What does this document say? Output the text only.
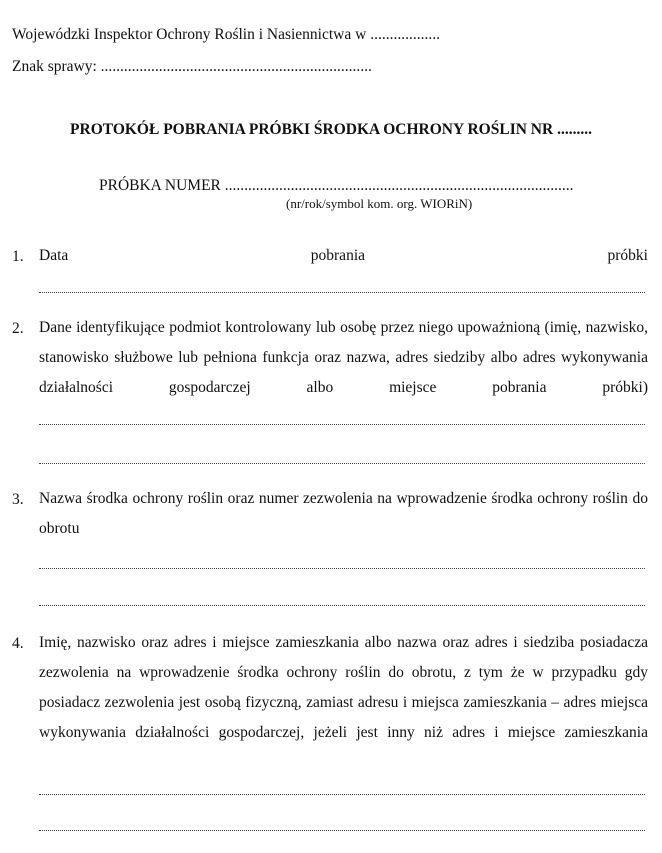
Wojewódzki Inspektor Ochrony Roślin i Nasiennictwa w ..................
Znak sprawy: ......................................................................
PROTOKÓŁ POBRANIA PRÓBKI ŚRODKA OCHRONY ROŚLIN NR .........
PRÓBKA NUMER ..........................................................................................
(nr/rok/symbol kom. org. WIORiN)
1. Data pobrania próbki
2. Dane identyfikujące podmiot kontrolowany lub osobę przez niego upoważnioną (imię, nazwisko, stanowisko służbowe lub pełniona funkcja oraz nazwa, adres siedziby albo adres wykonywania działalności gospodarczej albo miejsce pobrania próbki)
3. Nazwa środka ochrony roślin oraz numer zezwolenia na wprowadzenie środka ochrony roślin do obrotu
4. Imię, nazwisko oraz adres i miejsce zamieszkania albo nazwa oraz adres i siedziba posiadacza zezwolenia na wprowadzenie środka ochrony roślin do obrotu, z tym że w przypadku gdy posiadacz zezwolenia jest osobą fizyczną, zamiast adresu i miejsca zamieszkania – adres miejsca wykonywania działalności gospodarczej, jeżeli jest inny niż adres i miejsce zamieszkania
